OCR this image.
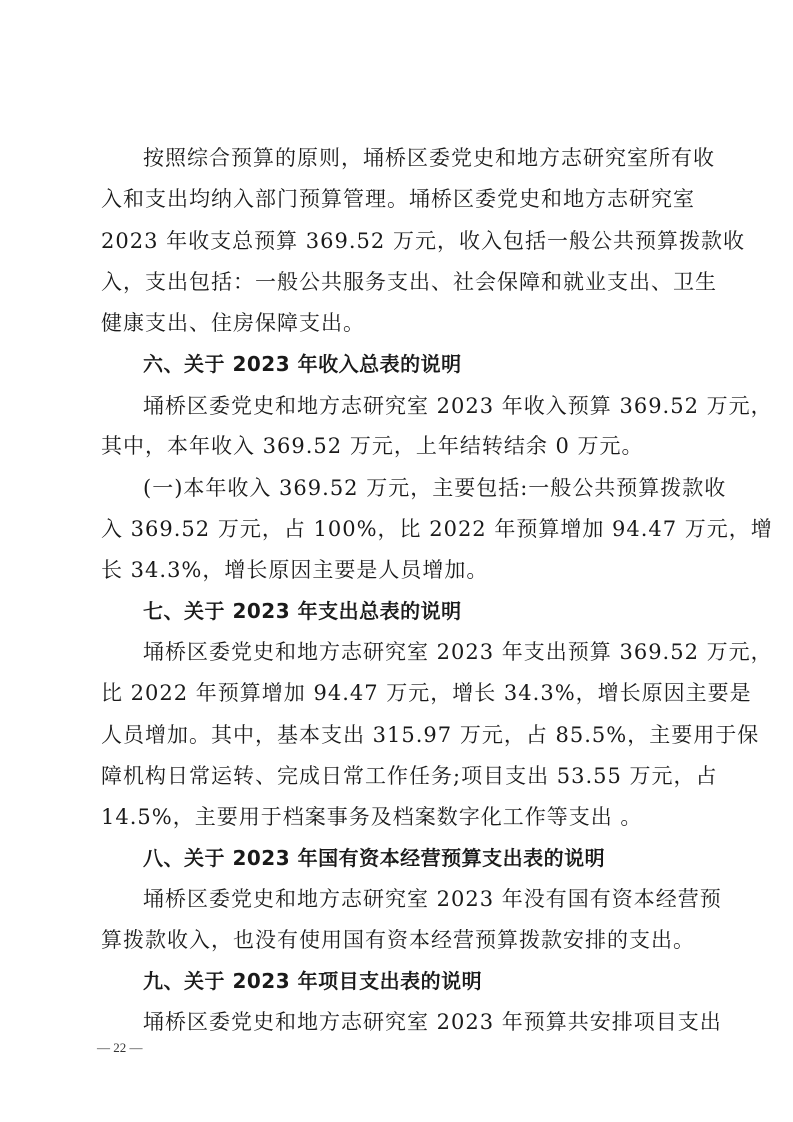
按照综合预算的原则，埇桥区委党史和地方志研究室所有收
入和支出均纳入部门预算管理。埇桥区委党史和地方志研究室
2023 年收支总预算 369.52 万元，收入包括一般公共预算拨款收
入，支出包括：一般公共服务支出、社会保障和就业支出、卫生
健康支出、住房保障支出。
六、关于 2023 年收入总表的说明
埇桥区委党史和地方志研究室 2023 年收入预算 369.52 万元，
其中，本年收入 369.52 万元，上年结转结余 0 万元。
(一)本年收入 369.52 万元，主要包括:一般公共预算拨款收
入 369.52 万元，占 100%，比 2022 年预算增加 94.47 万元，增
长 34.3%，增长原因主要是人员增加。
七、关于 2023 年支出总表的说明
埇桥区委党史和地方志研究室 2023 年支出预算 369.52 万元，
比 2022 年预算增加 94.47 万元，增长 34.3%，增长原因主要是
人员增加。其中，基本支出 315.97 万元，占 85.5%，主要用于保
障机构日常运转、完成日常工作任务;项目支出 53.55 万元，占
14.5%，主要用于档案事务及档案数字化工作等支出 。
八、关于 2023 年国有资本经营预算支出表的说明
埇桥区委党史和地方志研究室 2023 年没有国有资本经营预
算拨款收入，也没有使用国有资本经营预算拨款安排的支出。
九、关于 2023 年项目支出表的说明
埇桥区委党史和地方志研究室 2023 年预算共安排项目支出
— 22 —
